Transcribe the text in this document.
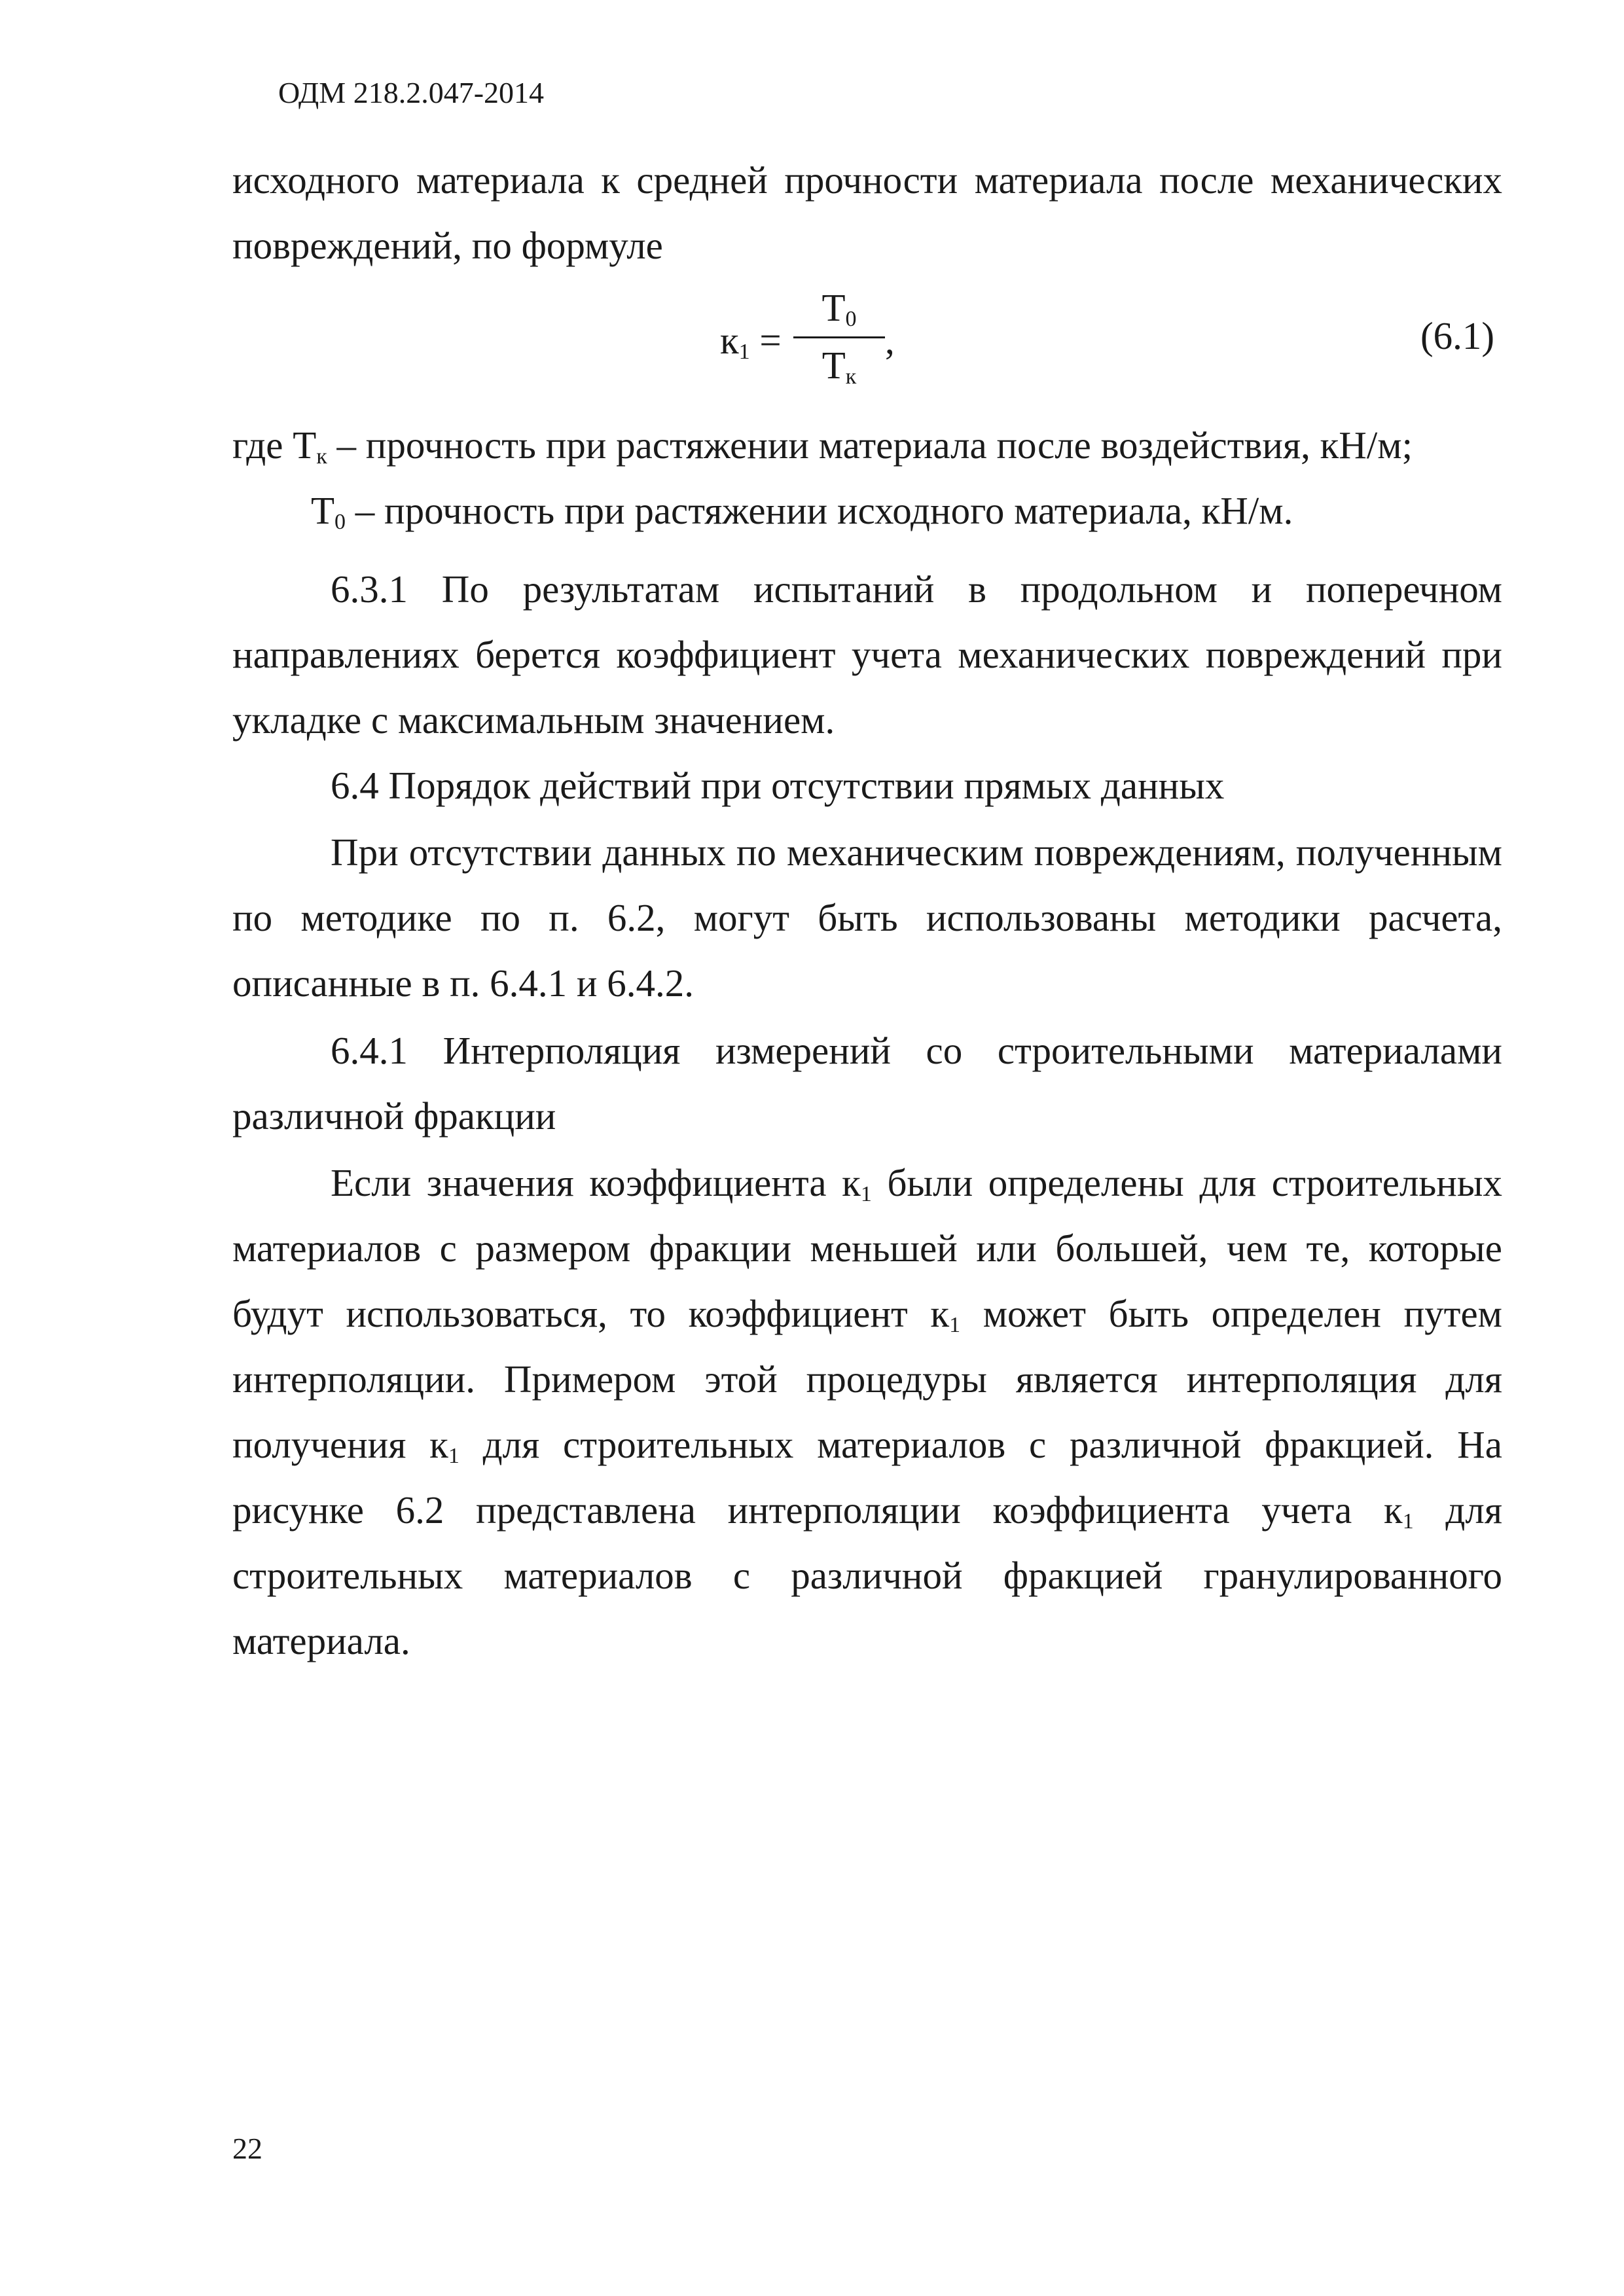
ОДМ 218.2.047-2014
исходного материала к средней прочности материала после механических
повреждений, по формуле
$к_1$ =
$Т_0$
$Т_к$
,	(6.1)
где $Т_к$ – прочность при растяжении материала после воздействия, кН/м;
$Т_0$ – прочность при растяжении исходного материала, кН/м.
6.3.1 По результатам испытаний в продольном и поперечном
направлениях берется коэффициент учета механических повреждений при
укладке с максимальным значением.
6.4 Порядок действий при отсутствии прямых данных
При отсутствии данных по механическим повреждениям, полученным
по методике по п. 6.2, могут быть использованы методики расчета,
описанные в п. 6.4.1 и 6.4.2.
6.4.1 Интерполяция измерений со строительными материалами
различной фракции
Если значения коэффициента $к_1$ были определены для строительных
материалов с размером фракции меньшей или большей, чем те, которые
будут использоваться, то коэффициент $к_1$ может быть определен путем
интерполяции. Примером этой процедуры является интерполяция для
получения $к_1$ для строительных материалов с различной фракцией. На
рисунке 6.2 представлена интерполяции коэффициента учета $к_1$ для
строительных материалов с различной фракцией гранулированного
материала.
22
